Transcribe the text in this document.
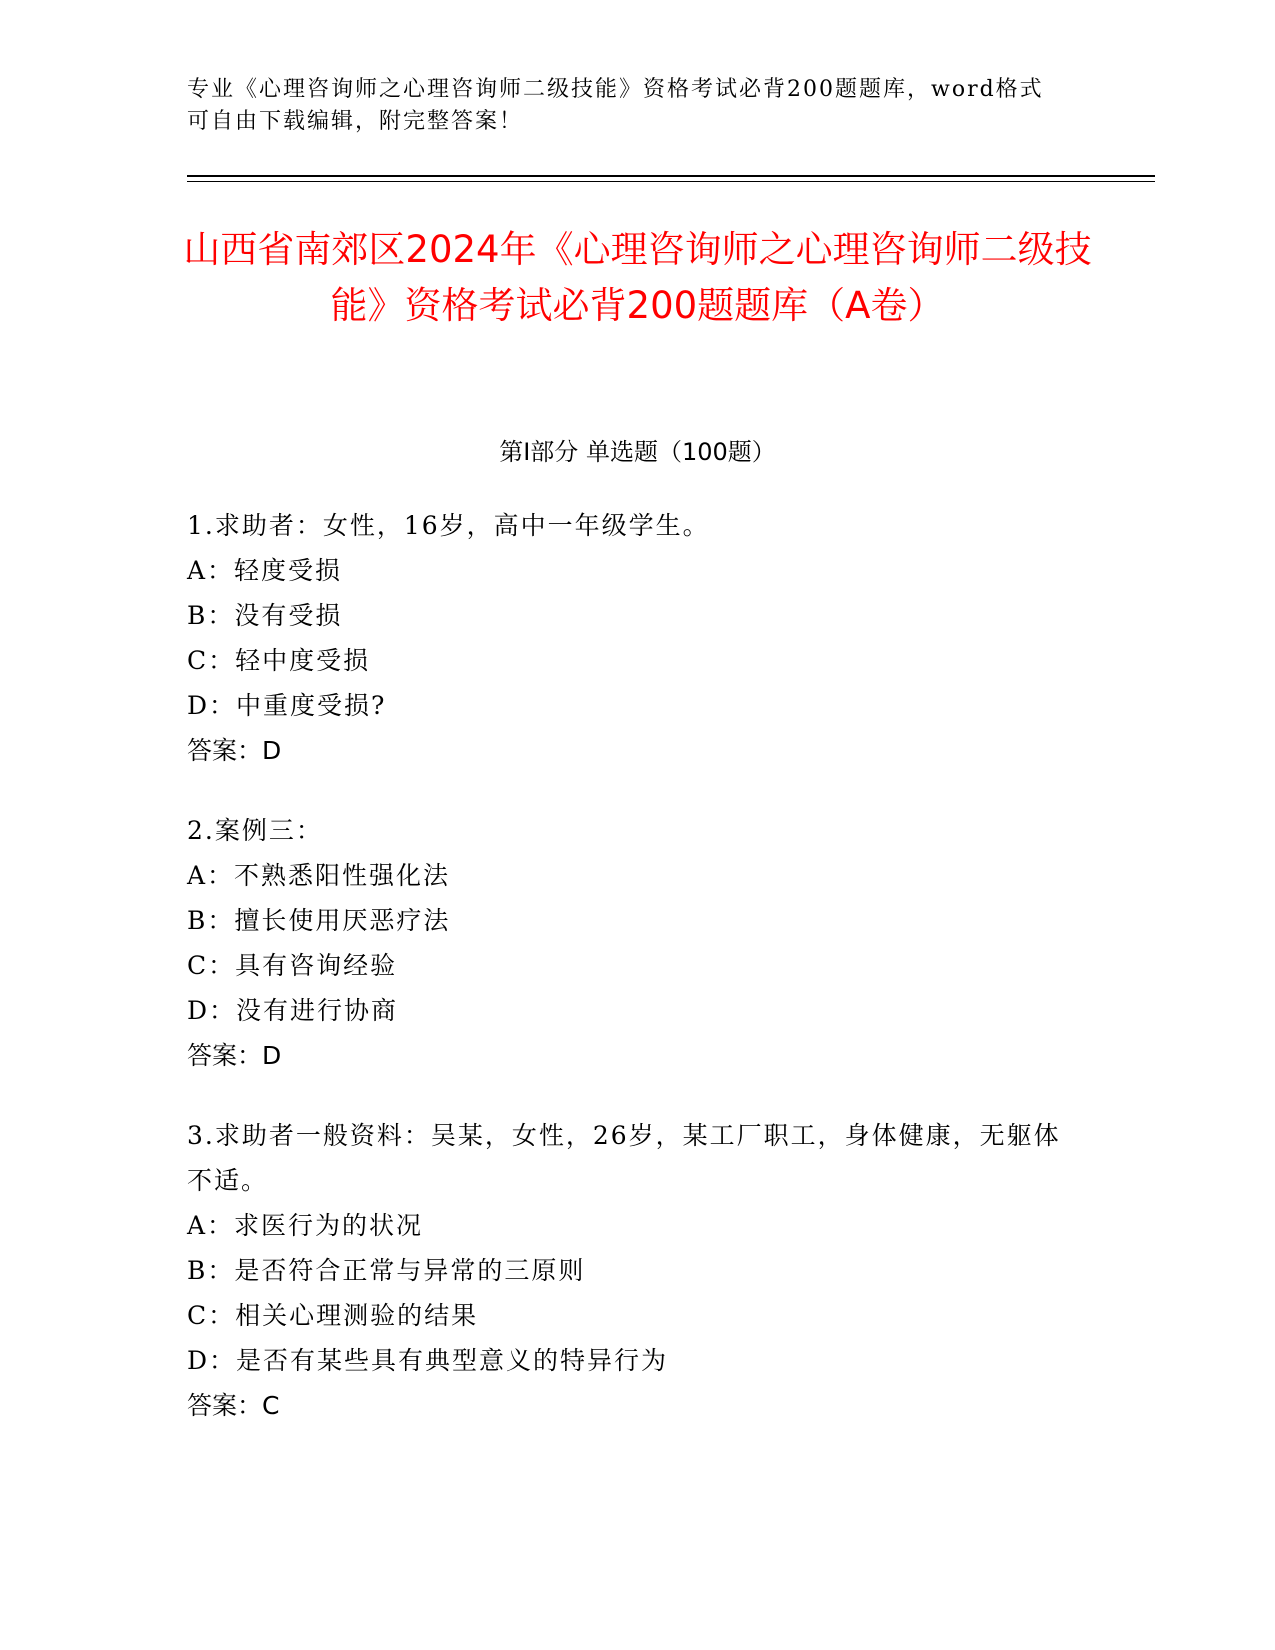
专业《心理咨询师之心理咨询师二级技能》资格考试必背200题题库，word格式可自由下载编辑，附完整答案！
山西省南郊区2024年《心理咨询师之心理咨询师二级技能》资格考试必背200题题库（A卷）
第Ⅰ部分 单选题（100题）
1.求助者：女性，16岁，高中一年级学生。
A：轻度受损
B：没有受损
C：轻中度受损
D：中重度受损?
答案：D
2.案例三：
A：不熟悉阳性强化法
B：擅长使用厌恶疗法
C：具有咨询经验
D：没有进行协商
答案：D
3.求助者一般资料：吴某，女性，26岁，某工厂职工，身体健康，无躯体不适。
A：求医行为的状况
B：是否符合正常与异常的三原则
C：相关心理测验的结果
D：是否有某些具有典型意义的特异行为
答案：C
